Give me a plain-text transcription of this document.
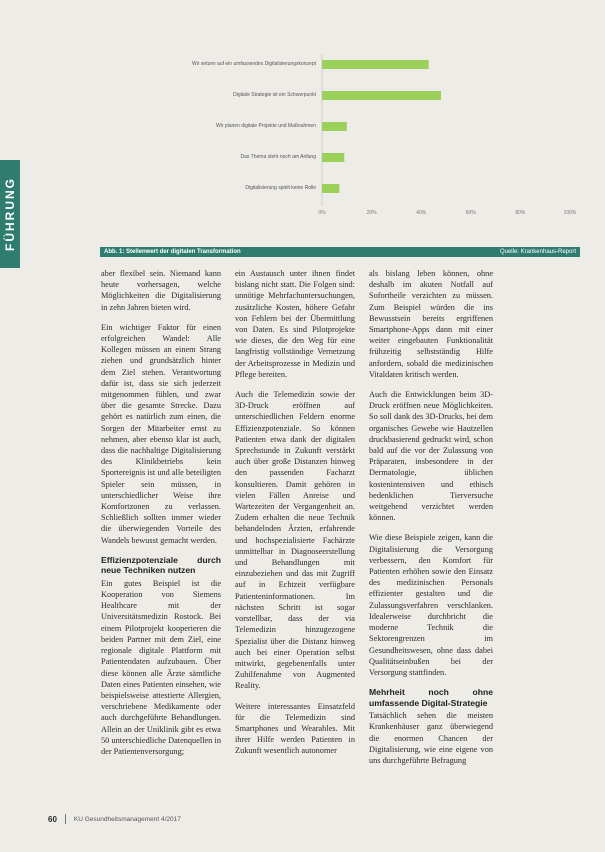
FÜHRUNG
Wir setzen auf ein umfassendes Digitalisierungskonzept
Digitale Strategie ist ein Schwerpunkt
Wir planen digitale Projekte und Maßnahmen
Das Thema steht noch am Anfang
Digitalisierung spielt keine Rolle
0%	20%	40%	60%	80%	100%
Abb. 1: Stellenwert der digitalen Transformation	Quelle: Krankenhaus-Report

aber flexibel sein. Niemand kann heute vorhersagen, welche Möglichkeiten die Digitalisierung in zehn Jahren bieten wird.

Ein wichtiger Faktor für einen erfolgreichen Wandel: Alle Kollegen müssen an einem Strang ziehen und grundsätzlich hinter dem Ziel stehen. Verantwortung dafür ist, dass sie sich jederzeit mitgenommen fühlen, und zwar über die gesamte Strecke. Dazu gehört es natürlich zum einen, die Sorgen der Mitarbeiter ernst zu nehmen, aber ebenso klar ist auch, dass die nachhaltige Digitalisierung des Klinikbetriebs kein Sportereignis ist und alle beteiligten Spieler sein müssen, in unterschiedlicher Weise ihre Komfortzonen zu verlassen. Schließlich sollten immer wieder die überwiegenden Vorteile des Wandels bewusst gemacht werden.

Effizienzpotenziale durch neue Techniken nutzen

Ein gutes Beispiel ist die Kooperation von Siemens Healthcare mit der Universitätsmedizin Rostock. Bei einem Pilotprojekt kooperieren die beiden Partner mit dem Ziel, eine regionale digitale Plattform mit Patientendaten aufzubauen. Über diese können alle Ärzte sämtliche Daten eines Patienten einsehen, wie beispielsweise attestierte Allergien, verschriebene Medikamente oder auch durchgeführte Behandlungen. Allein an der Uniklinik gibt es etwa 50 unterschiedliche Datenquellen in der Patientenversorgung;

ein Austausch unter ihnen findet bislang nicht statt. Die Folgen sind: unnötige Mehrfachuntersuchungen, zusätzliche Kosten, höhere Gefahr von Fehlern bei der Übermittlung von Daten. Es sind Pilotprojekte wie dieses, die den Weg für eine langfristig vollständige Vernetzung der Arbeitsprozesse in Medizin und Pflege bereiten.

Auch die Telemedizin sowie der 3D-Druck eröffnen auf unterschiedlichen Feldern enorme Effizienzpotenziale. So können Patienten etwa dank der digitalen Sprechstunde in Zukunft verstärkt auch über große Distanzen hinweg den passenden Facharzt konsultieren. Damit gehören in vielen Fällen Anreise und Wartezeiten der Vergangenheit an. Zudem erhalten die neue Technik behandelnden Ärzten, erfahrende und hochspezialisierte Fachärzte unmittelbar in Diagnoseerstellung und Behandlungen mit einzubeziehen und das mit Zugriff auf in Echtzeit verfügbare Patienteninformationen. Im nächsten Schritt ist sogar vorstellbar, dass der via Telemedizin hinzugezogene Spezialist über die Distanz hinweg auch bei einer Operation selbst mitwirkt, gegebenenfalls unter Zuhilfenahme von Augmented Reality.

Weitere interessantes Einsatzfeld für die Telemedizin sind Smartphones und Wearables. Mit ihrer Hilfe werden Patienten in Zukunft wesentlich autonomer

als bislang leben können, ohne deshalb im akuten Notfall auf Sofortheile verzichten zu müssen. Zum Beispiel würden die ins Bewusstsein bereits ergriffenen Smartphone-Apps dann mit einer weiter eingebauten Funktionalität frühzeitig selbstständig Hilfe anfordern, sobald die medizinischen Vitaldaten kritisch werden.

Auch die Entwicklungen beim 3D-Druck eröffnen neue Möglichkeiten. So soll dank des 3D-Drucks, bei dem organisches Gewebe wie Hautzellen druckbasierend gedruckt wird, schon bald auf die vor der Zulassung von Präparaten, insbesondere in der Dermatologie, üblichen kostenintensiven und ethisch bedenklichen Tierversuche weitgehend verzichtet werden können.

Wie diese Beispiele zeigen, kann die Digitalisierung die Versorgung verbessern, den Komfort für Patienten erhöhen sowie den Einsatz des medizinischen Personals effizienter gestalten und die Zulassungsverfahren verschlanken. Idealerweise durchbricht die moderne Technik die Sektorengrenzen im Gesundheitswesen, ohne dass dabei Qualitätseinbußen bei der Versorgung stattfinden.

Mehrheit noch ohne umfassende Digital-Strategie

Tatsächlich sehen die meisten Krankenhäuser ganz überwiegend die enormen Chancen der Digitalisierung, wie eine eigene von uns durchgeführte Befragung

60	KU Gesundheitsmanagement 4/2017
